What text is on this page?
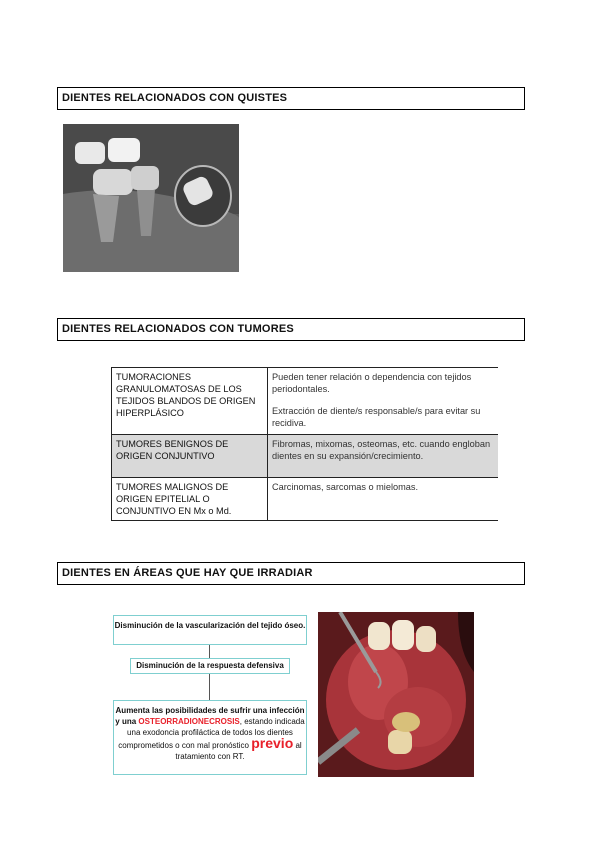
DIENTES RELACIONADOS CON QUISTES
DIENTES RELACIONADOS CON TUMORES
TUMORACIONES GRANULOMATOSAS DE LOS TEJIDOS BLANDOS DE ORIGEN HIPERPLÁSICO	Pueden tener relación o dependencia con tejidos periodontales.
Extracción de diente/s responsable/s para evitar su recidiva.
TUMORES BENIGNOS DE ORIGEN CONJUNTIVO	Fibromas, mixomas, osteomas, etc. cuando engloban dientes en su expansión/crecimiento.
TUMORES MALIGNOS DE ORIGEN EPITELIAL O CONJUNTIVO EN Mx o Md.	Carcinomas, sarcomas o mielomas.
DIENTES EN ÁREAS QUE HAY QUE IRRADIAR
Disminución de la vascularización del tejido óseo.
Disminución de la respuesta defensiva
Aumenta las posibilidades de sufrir una infección y una OSTEORRADIONECROSIS, estando indicada una exodoncia profiláctica de todos los dientes comprometidos o con mal pronóstico previo al tratamiento con RT.
